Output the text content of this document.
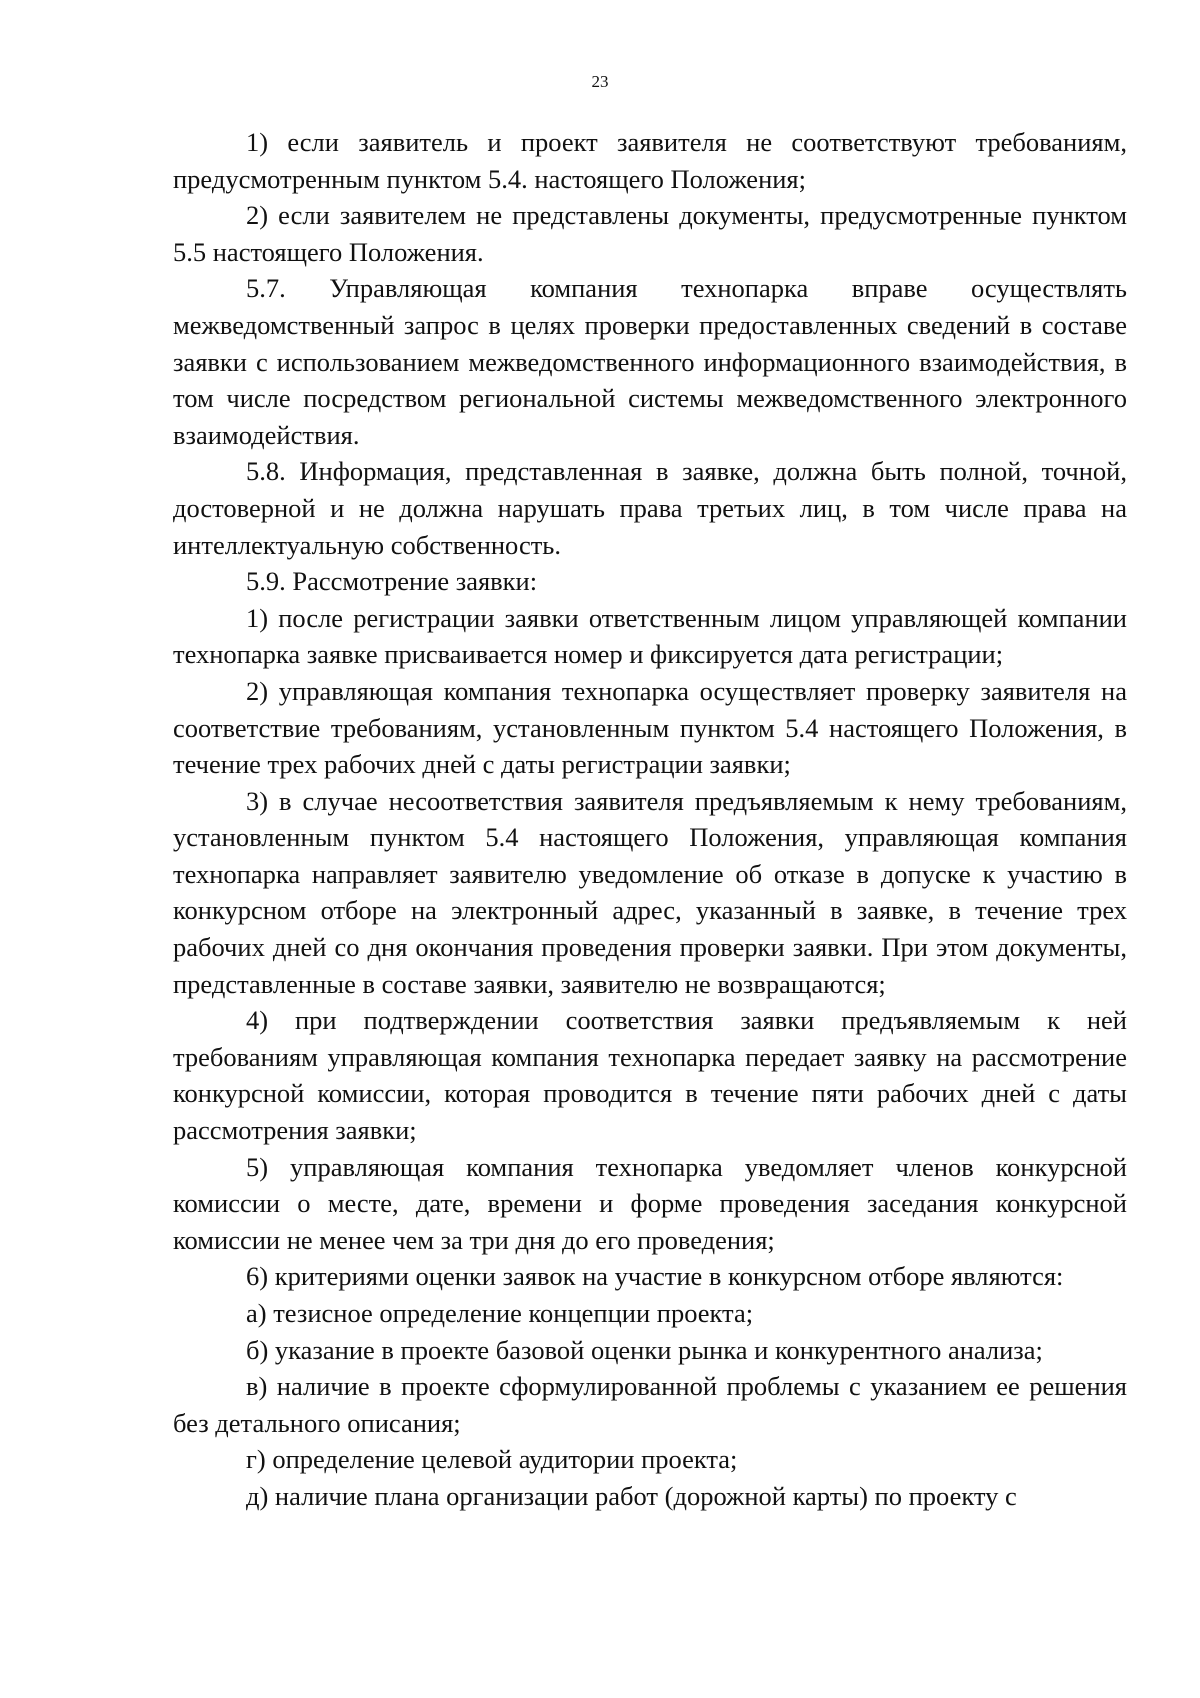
23

1) если заявитель и проект заявителя не соответствуют требованиям, предусмотренным пунктом 5.4. настоящего Положения;

2) если заявителем не представлены документы, предусмотренные пунктом 5.5 настоящего Положения.

5.7. Управляющая компания технопарка вправе осуществлять межведомственный запрос в целях проверки предоставленных сведений в составе заявки с использованием межведомственного информационного взаимодействия, в том числе посредством региональной системы межведомственного электронного взаимодействия.

5.8. Информация, представленная в заявке, должна быть полной, точной, достоверной и не должна нарушать права третьих лиц, в том числе права на интеллектуальную собственность.

5.9. Рассмотрение заявки:

1) после регистрации заявки ответственным лицом управляющей компании технопарка заявке присваивается номер и фиксируется дата регистрации;

2) управляющая компания технопарка осуществляет проверку заявителя на соответствие требованиям, установленным пунктом 5.4 настоящего Положения, в течение трех рабочих дней с даты регистрации заявки;

3) в случае несоответствия заявителя предъявляемым к нему требованиям, установленным пунктом 5.4 настоящего Положения, управляющая компания технопарка направляет заявителю уведомление об отказе в допуске к участию в конкурсном отборе на электронный адрес, указанный в заявке, в течение трех рабочих дней со дня окончания проведения проверки заявки. При этом документы, представленные в составе заявки, заявителю не возвращаются;

4) при подтверждении соответствия заявки предъявляемым к ней требованиям управляющая компания технопарка передает заявку на рассмотрение конкурсной комиссии, которая проводится в течение пяти рабочих дней с даты рассмотрения заявки;

5) управляющая компания технопарка уведомляет членов конкурсной комиссии о месте, дате, времени и форме проведения заседания конкурсной комиссии не менее чем за три дня до его проведения;

6) критериями оценки заявок на участие в конкурсном отборе являются:

а) тезисное определение концепции проекта;

б) указание в проекте базовой оценки рынка и конкурентного анализа;

в) наличие в проекте сформулированной проблемы с указанием ее решения без детального описания;

г) определение целевой аудитории проекта;

д) наличие плана организации работ (дорожной карты) по проекту с
